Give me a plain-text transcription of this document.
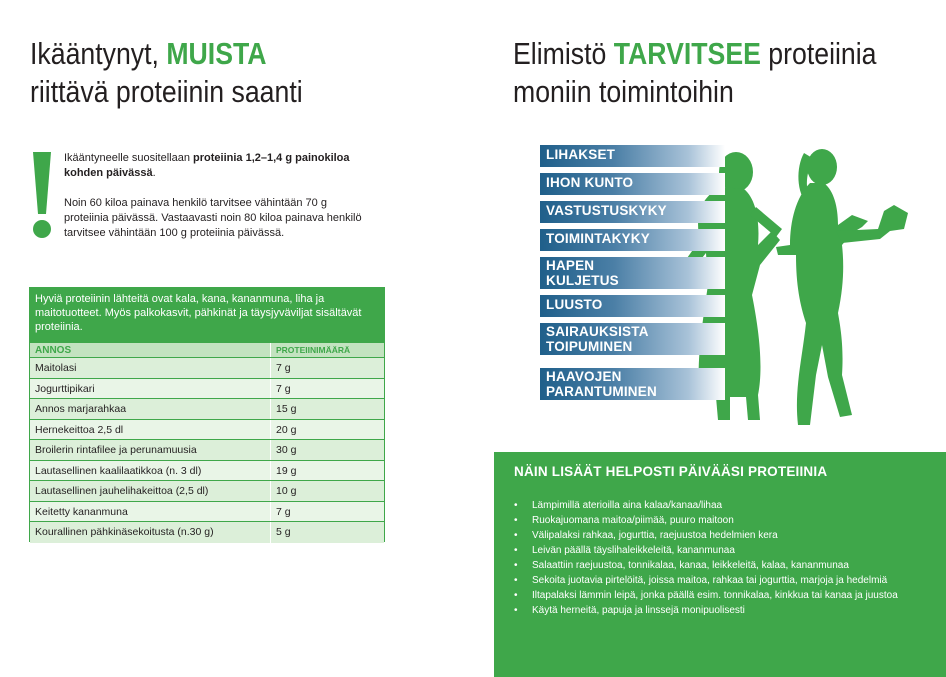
Ikääntynyt, MUISTA
riittävä proteiinin saanti
Ikääntyneelle suositellaan proteiinia 1,2–1,4 g painokiloa kohden päivässä.
Noin 60 kiloa painava henkilö tarvitsee vähintään 70 g proteiinia päivässä. Vastaavasti noin 80 kiloa painava henkilö tarvitsee vähintään 100 g proteiinia päivässä.
Hyviä proteiinin lähteitä ovat kala, kana, kananmuna, liha ja maitotuotteet. Myös palkokasvit, pähkinät ja täysjyväviljat sisältävät proteiinia.
ANNOS	PROTEIINIMÄÄRÄ
Maitolasi	7 g
Jogurttipikari	7 g
Annos marjarahkaa	15 g
Hernekeittoa 2,5 dl	20 g
Broilerin rintafilee ja perunamuusia	30 g
Lautasellinen kaalilaatikkoa (n. 3 dl)	19 g
Lautasellinen jauhelihakeittoa (2,5 dl)	10 g
Keitetty kananmuna	7 g
Kourallinen pähkinäsekoitusta (n.30 g)	5 g
Elimistö TARVITSEE proteiinia
moniin toimintoihin
LIHAKSET
IHON KUNTO
VASTUSTUSKYKY
TOIMINTAKYKY
HAPEN
KULJETUS
LUUSTO
SAIRAUKSISTA
TOIPUMINEN
HAAVOJEN
PARANTUMINEN
NÄIN LISÄÄT HELPOSTI PÄIVÄÄSI PROTEIINIA
• Lämpimillä aterioilla aina kalaa/kanaa/lihaa
• Ruokajuomana maitoa/piimää, puuro maitoon
• Välipalaksi rahkaa, jogurttia, raejuustoa hedelmien kera
• Leivän päällä täyslihaleikkeleitä, kananmunaa
• Salaattiin raejuustoa, tonnikalaa, kanaa, leikkeleitä, kalaa, kananmunaa
• Sekoita juotavia pirtelöitä, joissa maitoa, rahkaa tai jogurttia, marjoja ja hedelmiä
• Iltapalaksi lämmin leipä, jonka päällä esim. tonnikalaa, kinkkua tai kanaa ja juustoa
• Käytä herneitä, papuja ja linssejä monipuolisesti
